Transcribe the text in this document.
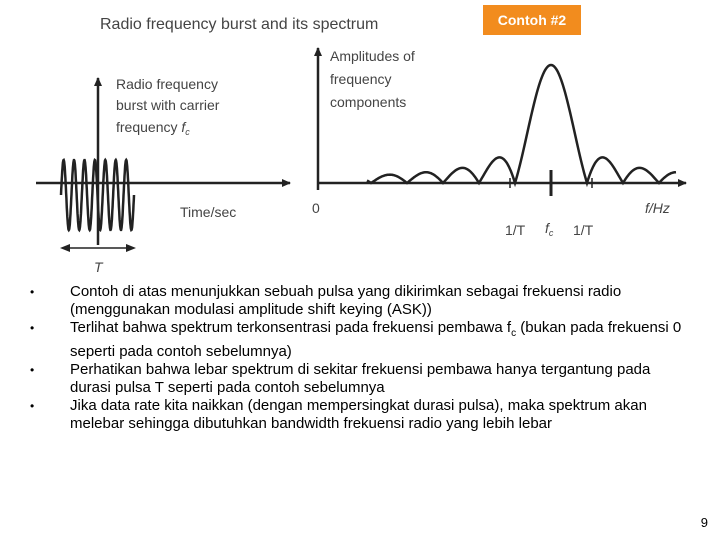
Radio frequency burst and its spectrum
Radio frequency
burst with carrier
frequency $f_c$
Time/sec
T
Amplitudes of
frequency
components
0	f/Hz
1/T $f_c$ 1/T
Contoh #2
•	Contoh di atas menunjukkan sebuah pulsa yang dikirimkan sebagai frekuensi radio (menggunakan modulasi amplitude shift keying (ASK))
•	Terlihat bahwa spektrum terkonsentrasi pada frekuensi pembawa $f_c$ (bukan pada frekuensi 0 seperti pada contoh sebelumnya)
•	Perhatikan bahwa lebar spektrum di sekitar frekuensi pembawa hanya tergantung pada durasi pulsa T seperti pada contoh sebelumnya
•	Jika data rate kita naikkan (dengan mempersingkat durasi pulsa), maka spektrum akan melebar sehingga dibutuhkan bandwidth frekuensi radio yang lebih lebar
9
